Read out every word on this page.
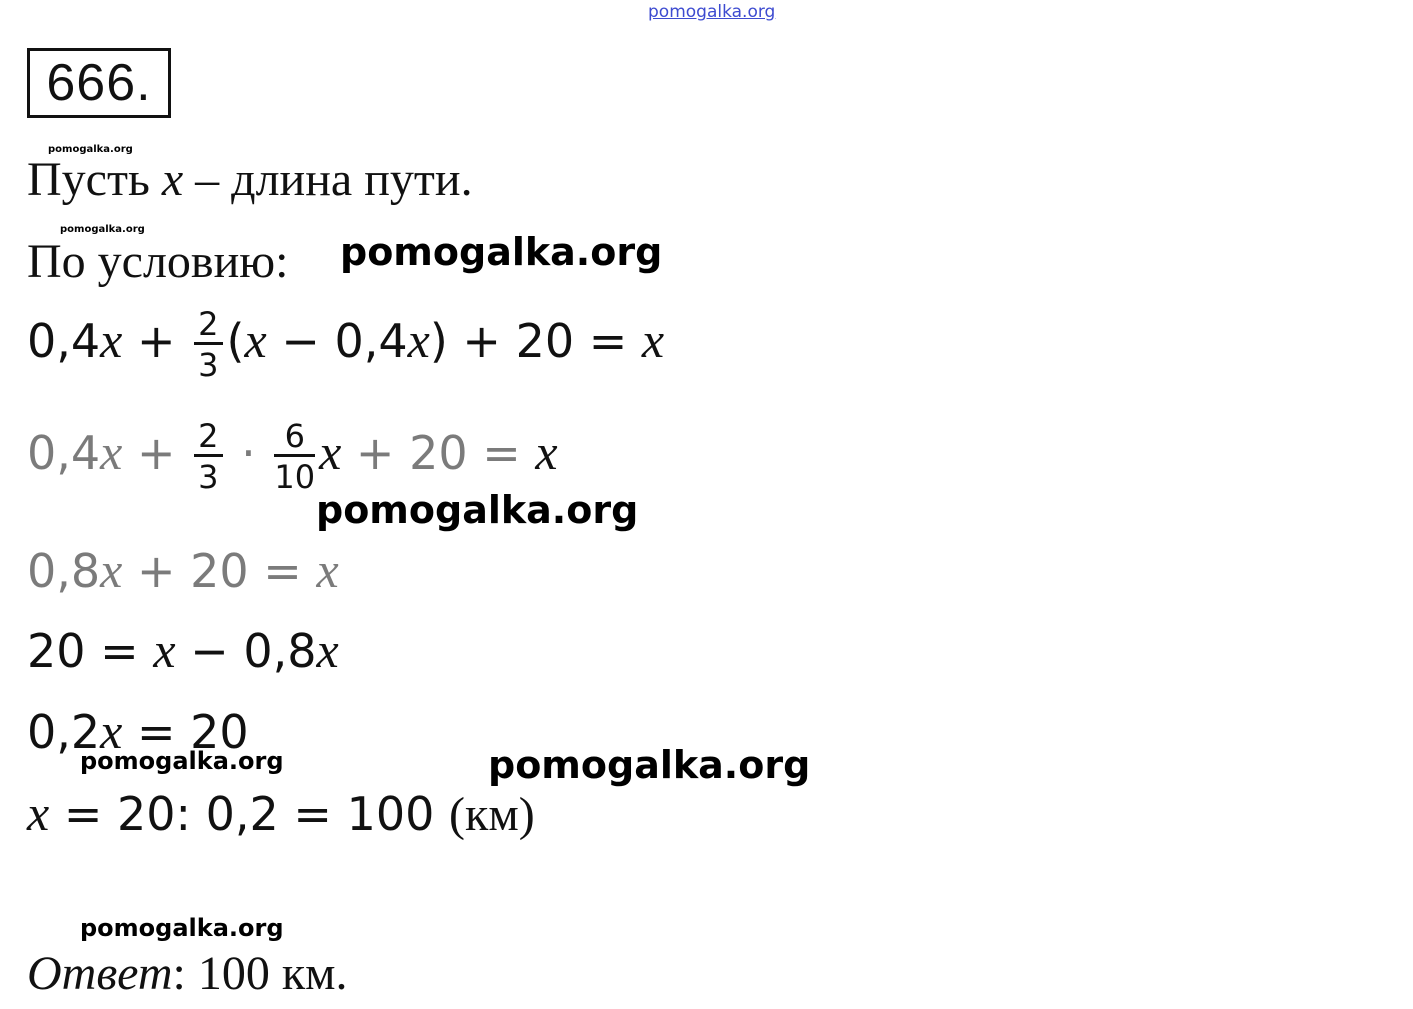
pomogalka.org
666.
pomogalka.org
pomogalka.org
Пусть x – длина пути.
По условию: pomogalka.org
$0,4x + \frac{2}{3} (x - 0,4x) + 20 = x$
$0,4x + \frac{2}{3} \cdot \frac{6}{10}$ x + 20 = x
pomogalka.org
0,8x + 20 = x
20 = x − 0,8x
0,2x = 20
pomogalka.org	pomogalka.org
x = 20: 0,2 = 100 (км)
pomogalka.org
Ответ: 100 км.
